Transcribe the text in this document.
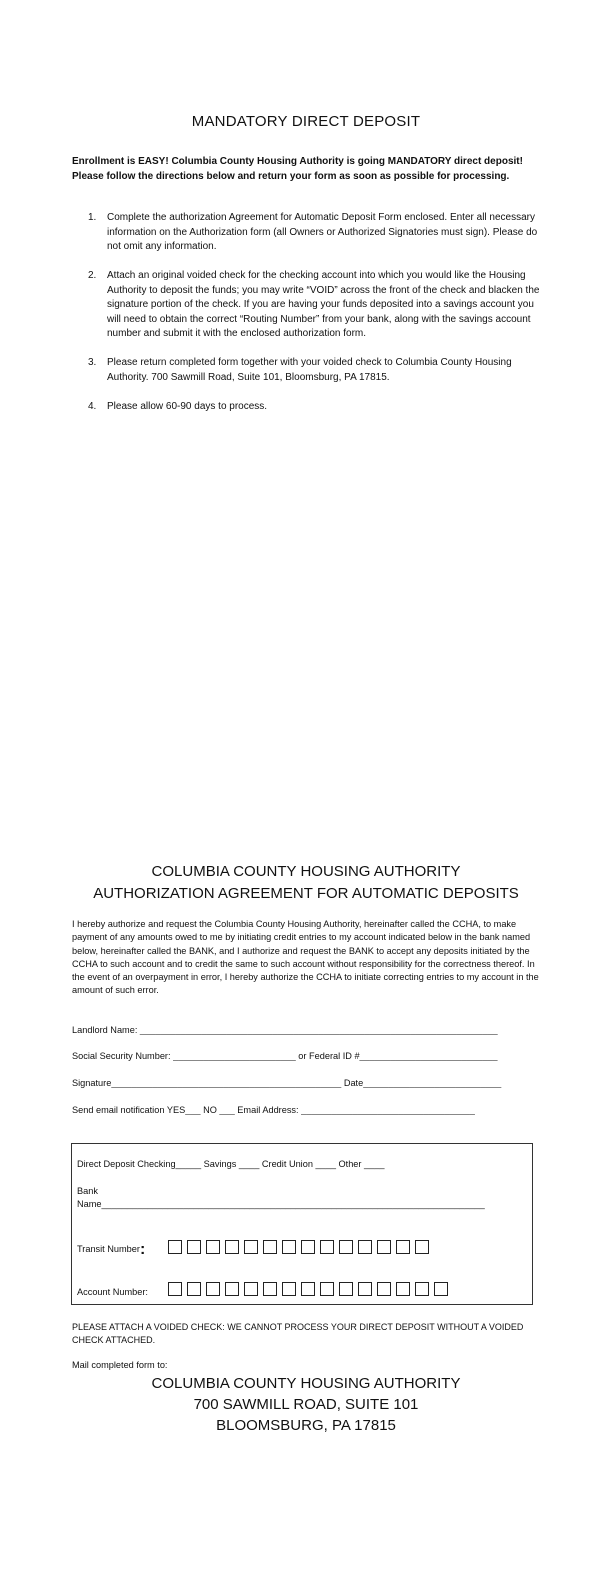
MANDATORY DIRECT DEPOSIT
Enrollment is EASY! Columbia County Housing Authority is going MANDATORY direct deposit! Please follow the directions below and return your form as soon as possible for processing.
1. Complete the authorization Agreement for Automatic Deposit Form enclosed. Enter all necessary information on the Authorization form (all Owners or Authorized Signatories must sign). Please do not omit any information.
2. Attach an original voided check for the checking account into which you would like the Housing Authority to deposit the funds; you may write “VOID” across the front of the check and blacken the signature portion of the check. If you are having your funds deposited into a savings account you will need to obtain the correct “Routing Number” from your bank, along with the savings account number and submit it with the enclosed authorization form.
3. Please return completed form together with your voided check to Columbia County Housing Authority. 700 Sawmill Road, Suite 101, Bloomsburg, PA 17815.
4. Please allow 60-90 days to process.
COLUMBIA COUNTY HOUSING AUTHORITY
AUTHORIZATION AGREEMENT FOR AUTOMATIC DEPOSITS
I hereby authorize and request the Columbia County Housing Authority, hereinafter called the CCHA, to make payment of any amounts owed to me by initiating credit entries to my account indicated below in the bank named below, hereinafter called the BANK, and I authorize and request the BANK to accept any deposits initiated by the CCHA to such account and to credit the same to such account without responsibility for the correctness thereof. In the event of an overpayment in error, I hereby authorize the CCHA to initiate correcting entries to my account in the amount of such error.
Landlord Name: ______________________________________________________________________
Social Security Number: ________________________ or Federal ID #___________________________
Signature_____________________________________________ Date___________________________
Send email notification YES___ NO ___ Email Address: __________________________________
Direct Deposit Checking_____ Savings ____ Credit Union ____ Other ____
Bank
Name___________________________________________________________________________
Transit Number:
Account Number:
PLEASE ATTACH A VOIDED CHECK: WE CANNOT PROCESS YOUR DIRECT DEPOSIT WITHOUT A VOIDED CHECK ATTACHED.
Mail completed form to:
COLUMBIA COUNTY HOUSING AUTHORITY
700 SAWMILL ROAD, SUITE 101
BLOOMSBURG, PA 17815
